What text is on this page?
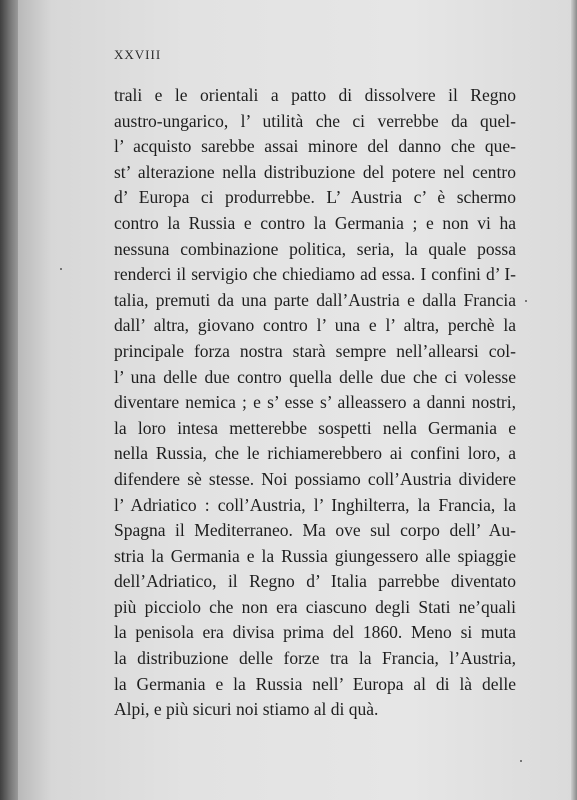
XXVIII
trali e le orientali a patto di dissolvere il Regno
austro-ungarico, l’ utilità che ci verrebbe da quel-
l’ acquisto sarebbe assai minore del danno che que-
st’ alterazione nella distribuzione del potere nel centro
d’ Europa ci produrrebbe. L’ Austria c’ è schermo
contro la Russia e contro la Germania ; e non vi ha
nessuna combinazione politica, seria, la quale possa
renderci il servigio che chiediamo ad essa. I confini d’ I-
talia, premuti da una parte dall’Austria e dalla Francia
dall’ altra, giovano contro l’ una e l’ altra, perchè la
principale forza nostra starà sempre nell’allearsi col-
l’ una delle due contro quella delle due che ci volesse
diventare nemica ; e s’ esse s’ alleassero a danni nostri,
la loro intesa metterebbe sospetti nella Germania e
nella Russia, che le richiamerebbero ai confini loro, a
difendere sè stesse. Noi possiamo coll’Austria dividere
l’ Adriatico : coll’Austria, l’ Inghilterra, la Francia, la
Spagna il Mediterraneo. Ma ove sul corpo dell’ Au-
stria la Germania e la Russia giungessero alle spiaggie
dell’Adriatico, il Regno d’ Italia parrebbe diventato
più picciolo che non era ciascuno degli Stati ne’quali
la penisola era divisa prima del 1860. Meno si muta
la distribuzione delle forze tra la Francia, l’Austria,
la Germania e la Russia nell’ Europa al di là delle
Alpi, e più sicuri noi stiamo al di quà.
